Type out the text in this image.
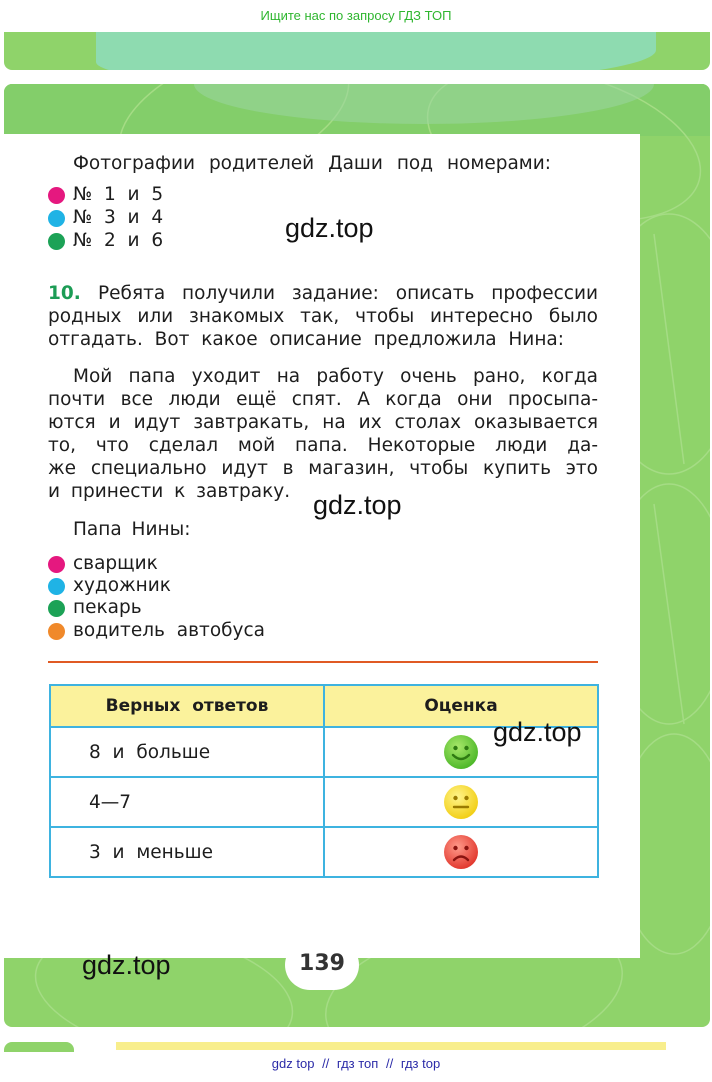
Ищите нас по запросу ГДЗ ТОП
Фотографии родителей Даши под номерами:
№  1  и  5
№  3  и  4
№  2  и  6	gdz.top
10. Ребята получили задание: описать профессии
родных или знакомых так, чтобы интересно было
отгадать. Вот какое описание предложила Нина:
Мой папа уходит на работу очень рано, когда
почти все люди ещё спят. А когда они просыпа-
ются и идут завтракать, на их столах оказывается
то, что сделал мой папа. Некоторые люди да-
же специально идут в магазин, чтобы купить это
и принести к завтраку. gdz.top
Папа Нины:
сварщик
художник
пекарь
водитель автобуса
Верных  ответов	Оценка
8  и  больше	

4—7	

3  и  меньше	
gdz.top
gdz.top	139
gdz top // гдз топ // гдз top
